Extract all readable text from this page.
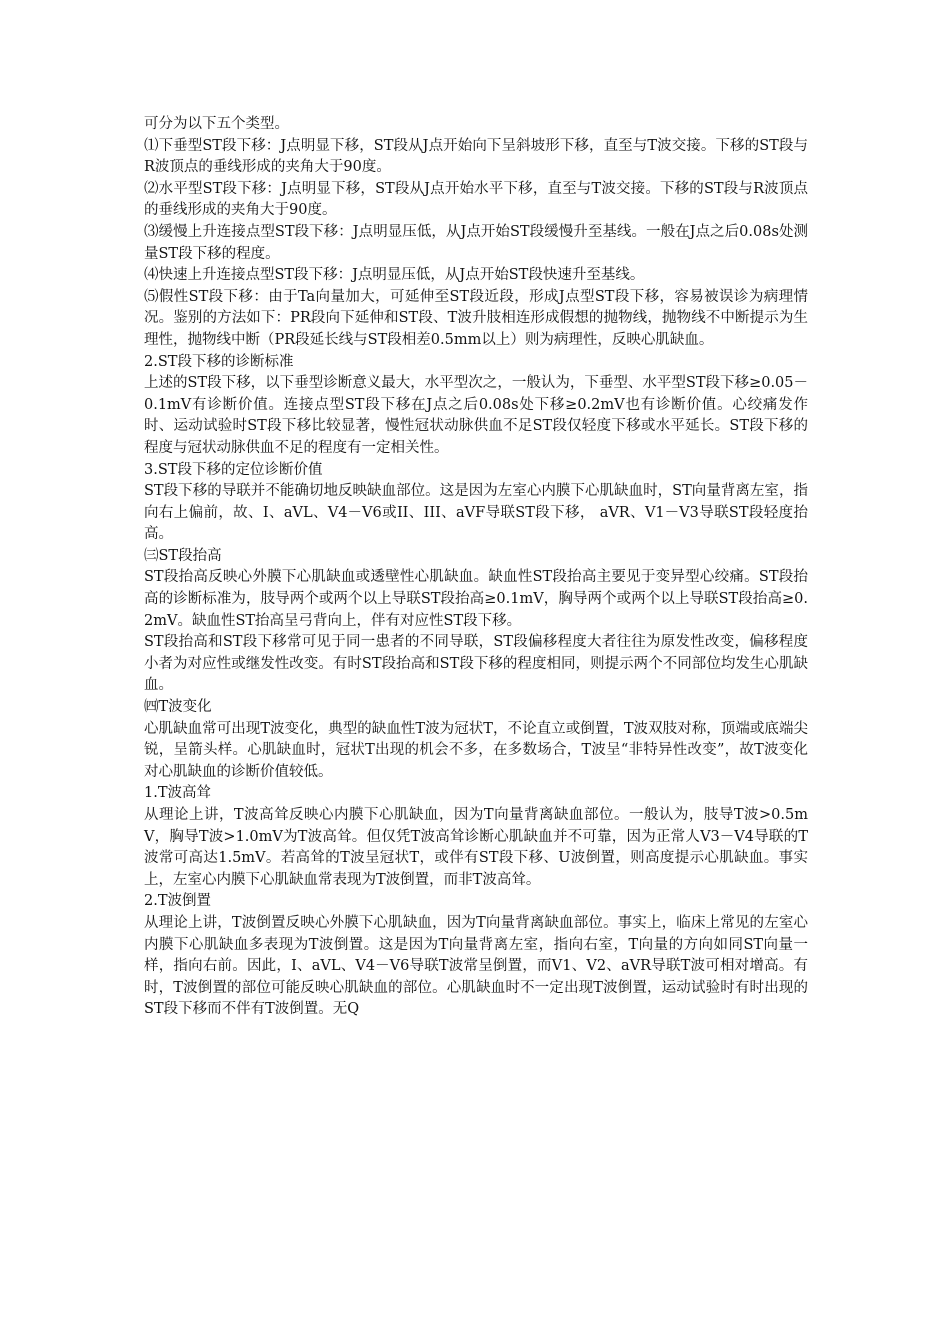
可分为以下五个类型。

⑴下垂型ST段下移：J点明显下移，ST段从J点开始向下呈斜坡形下移，直至与T波交接。下移的ST段与R波顶点的垂线形成的夹角大于90度。

⑵水平型ST段下移：J点明显下移，ST段从J点开始水平下移，直至与T波交接。下移的ST段与R波顶点的垂线形成的夹角大于90度。

⑶缓慢上升连接点型ST段下移：J点明显压低，从J点开始ST段缓慢升至基线。一般在J点之后0.08s处测量ST段下移的程度。

⑷快速上升连接点型ST段下移：J点明显压低，从J点开始ST段快速升至基线。

⑸假性ST段下移：由于Ta向量加大，可延伸至ST段近段，形成J点型ST段下移，容易被误诊为病理情况。鉴别的方法如下：PR段向下延伸和ST段、T波升肢相连形成假想的抛物线，抛物线不中断提示为生理性，抛物线中断（PR段延长线与ST段相差0.5mm以上）则为病理性，反映心肌缺血。

2.ST段下移的诊断标准

上述的ST段下移，以下垂型诊断意义最大，水平型次之，一般认为，下垂型、水平型ST段下移≥0.05－0.1mV有诊断价值。连接点型ST段下移在J点之后0.08s处下移≥0.2mV也有诊断价值。心绞痛发作时、运动试验时ST段下移比较显著，慢性冠状动脉供血不足ST段仅轻度下移或水平延长。ST段下移的程度与冠状动脉供血不足的程度有一定相关性。

3.ST段下移的定位诊断价值

ST段下移的导联并不能确切地反映缺血部位。这是因为左室心内膜下心肌缺血时，ST向量背离左室，指向右上偏前，故、I、aVL、V4－V6或II、III、aVF导联ST段下移， aVR、V1－V3导联ST段轻度抬高。

㈢ST段抬高

ST段抬高反映心外膜下心肌缺血或透壁性心肌缺血。缺血性ST段抬高主要见于变异型心绞痛。ST段抬高的诊断标准为，肢导两个或两个以上导联ST段抬高≥0.1mV，胸导两个或两个以上导联ST段抬高≥0.2mV。缺血性ST抬高呈弓背向上，伴有对应性ST段下移。

ST段抬高和ST段下移常可见于同一患者的不同导联，ST段偏移程度大者往往为原发性改变，偏移程度小者为对应性或继发性改变。有时ST段抬高和ST段下移的程度相同，则提示两个不同部位均发生心肌缺血。

㈣T波变化

心肌缺血常可出现T波变化，典型的缺血性T波为冠状T，不论直立或倒置，T波双肢对称，顶端或底端尖锐，呈箭头样。心肌缺血时，冠状T出现的机会不多，在多数场合，T波呈“非特异性改变”，故T波变化对心肌缺血的诊断价值较低。

1.T波高耸

从理论上讲，T波高耸反映心内膜下心肌缺血，因为T向量背离缺血部位。一般认为，肢导T波>0.5mV，胸导T波>1.0mV为T波高耸。但仅凭T波高耸诊断心肌缺血并不可靠，因为正常人V3－V4导联的T波常可高达1.5mV。若高耸的T波呈冠状T，或伴有ST段下移、U波倒置，则高度提示心肌缺血。事实上，左室心内膜下心肌缺血常表现为T波倒置，而非T波高耸。

2.T波倒置

从理论上讲，T波倒置反映心外膜下心肌缺血，因为T向量背离缺血部位。事实上，临床上常见的左室心内膜下心肌缺血多表现为T波倒置。这是因为T向量背离左室，指向右室，T向量的方向如同ST向量一样，指向右前。因此，I、aVL、V4－V6导联T波常呈倒置，而V1、V2、aVR导联T波可相对增高。有时，T波倒置的部位可能反映心肌缺血的部位。心肌缺血时不一定出现T波倒置，运动试验时有时出现的ST段下移而不伴有T波倒置。无Q
